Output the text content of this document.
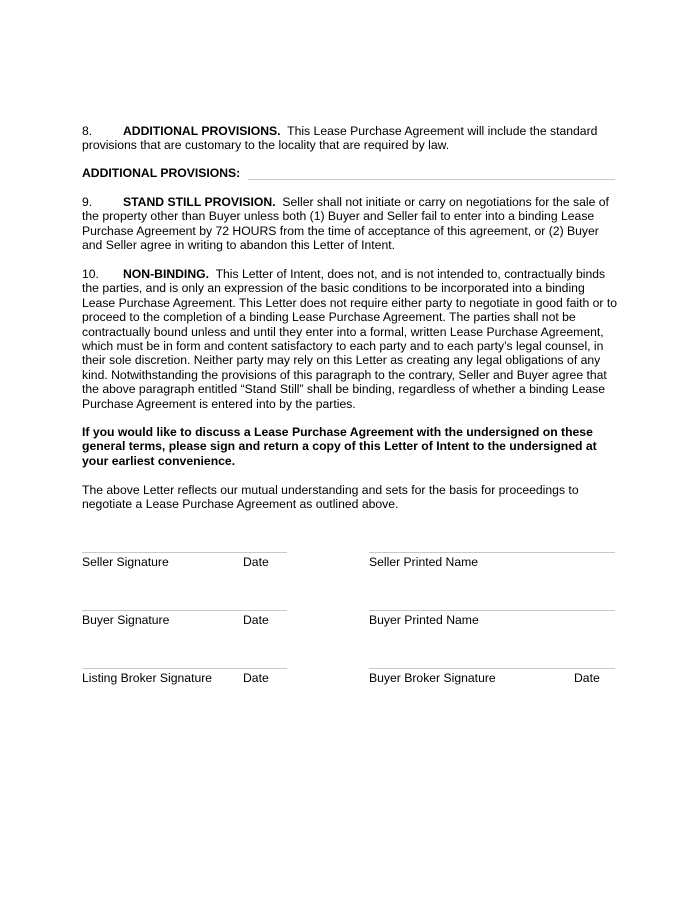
8.	ADDITIONAL PROVISIONS. This Lease Purchase Agreement will include the standard provisions that are customary to the locality that are required by law.

ADDITIONAL PROVISIONS:

9.	STAND STILL PROVISION. Seller shall not initiate or carry on negotiations for the sale of the property other than Buyer unless both (1) Buyer and Seller fail to enter into a binding Lease Purchase Agreement by 72 HOURS from the time of acceptance of this agreement, or (2) Buyer and Seller agree in writing to abandon this Letter of Intent.

10. NON-BINDING. This Letter of Intent, does not, and is not intended to, contractually binds the parties, and is only an expression of the basic conditions to be incorporated into a binding Lease Purchase Agreement. This Letter does not require either party to negotiate in good faith or to proceed to the completion of a binding Lease Purchase Agreement. The parties shall not be contractually bound unless and until they enter into a formal, written Lease Purchase Agreement, which must be in form and content satisfactory to each party and to each party’s legal counsel, in their sole discretion. Neither party may rely on this Letter as creating any legal obligations of any kind. Notwithstanding the provisions of this paragraph to the contrary, Seller and Buyer agree that the above paragraph entitled “Stand Still” shall be binding, regardless of whether a binding Lease Purchase Agreement is entered into by the parties.

If you would like to discuss a Lease Purchase Agreement with the undersigned on these general terms, please sign and return a copy of this Letter of Intent to the undersigned at your earliest convenience.

The above Letter reflects our mutual understanding and sets for the basis for proceedings to negotiate a Lease Purchase Agreement as outlined above.

Seller Signature	Date	Seller Printed Name
Buyer Signature	Date	Buyer Printed Name
Listing Broker Signature	Date	Buyer Broker Signature	Date
